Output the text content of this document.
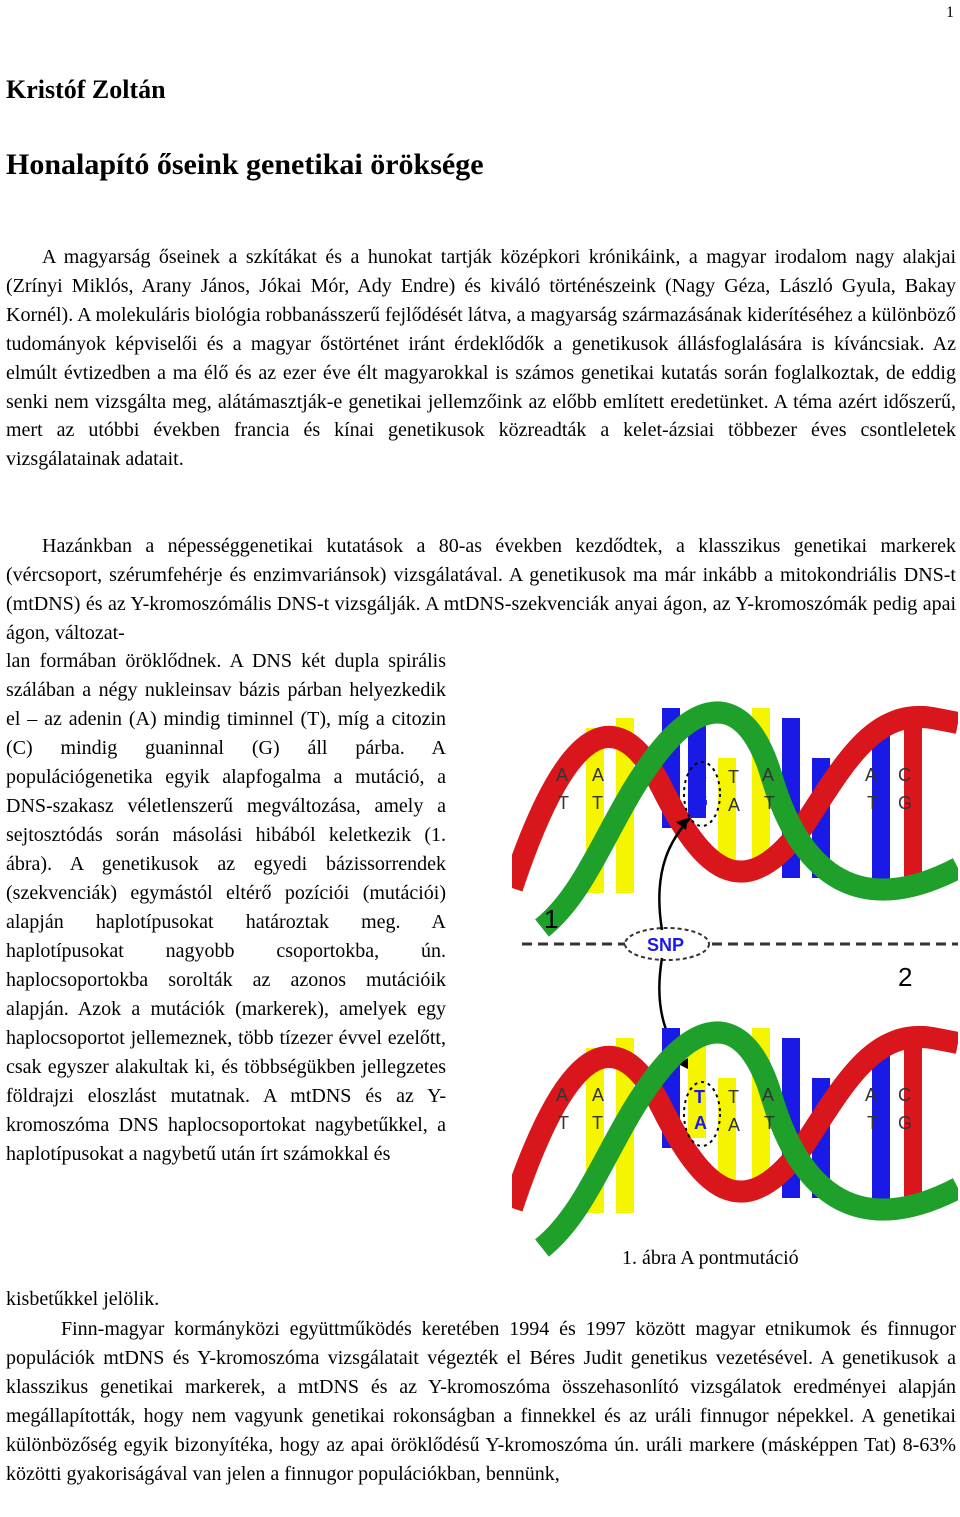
1
Kristóf Zoltán
Honalapító őseink genetikai öröksége

A magyarság őseinek a szkítákat és a hunokat tartják középkori krónikáink, a magyar irodalom nagy alakjai (Zrínyi Miklós, Arany János, Jókai Mór, Ady Endre) és kiváló történészeink (Nagy Géza, László Gyula, Bakay Kornél). A molekuláris biológia robbanásszerű fejlődését látva, a magyarság származásának kiderítéséhez a különböző tudományok képviselői és a magyar őstörténet iránt érdeklődők a genetikusok állásfoglalására is kíváncsiak. Az elmúlt évtizedben a ma élő és az ezer éve élt magyarokkal is számos genetikai kutatás során foglalkoztak, de eddig senki nem vizsgálta meg, alátámasztják-e genetikai jellemzőink az előbb említett eredetünket. A téma azért időszerű, mert az utóbbi években francia és kínai genetikusok közreadták a kelet-ázsiai többezer éves csontleletek vizsgálatainak adatait.

Hazánkban a népességgenetikai kutatások a 80-as években kezdődtek, a klasszikus genetikai markerek (vércsoport, szérumfehérje és enzimvariánsok) vizsgálatával. A genetikusok ma már inkább a mitokondriális DNS-t (mtDNS) és az Y-kromoszómális DNS-t vizsgálják. A mtDNS-szekvenciák anyai ágon, az Y-kromoszómák pedig apai ágon, változat-

lan formában öröklődnek. A DNS két dupla spirális szálában a négy nukleinsav bázis párban helyezkedik el – az adenin (A) mindig timinnel (T), míg a citozin (C) mindig guaninnal (G) áll párba. A populációgenetika egyik alapfogalma a mutáció, a DNS-szakasz véletlenszerű megváltozása, amely a sejtosztódás során másolási hibából keletkezik (1. ábra). A genetikusok az egyedi bázissorrendek (szekvenciák) egymástól eltérő pozíciói (mutációi) alapján haplotípusokat határoztak meg. A haplotípusokat nagyobb csoportokba, ún. haplocsoportokba sorolták az azonos mutációik alapján. Azok a mutációk (markerek), amelyek egy haplocsoportot jellemeznek, több tízezer évvel ezelőtt, csak egyszer alakultak ki, és többségükben jellegzetes földrajzi eloszlást mutatnak. A mtDNS és az Y-kromoszóma DNS haplocsoportokat nagybetűkkel, a haplotípusokat a nagybetű után írt számokkal és

kisbetűkkel jelölik.

Finn-magyar kormányközi együttműködés keretében 1994 és 1997 között magyar etnikumok és finnugor populációk mtDNS és Y-kromoszóma vizsgálatait végezték el Béres Judit genetikus vezetésével. A genetikusok a klasszikus genetikai markerek, a mtDNS és az Y-kromoszóma összehasonlító vizsgálatok eredményei alapján megállapították, hogy nem vagyunk genetikai rokonságban a finnekkel és az uráli finnugor népekkel. A genetikai különbözőség egyik bizonyítéka, hogy az apai öröklődésű Y-kromoszóma ún. uráli markere (másképpen Tat) 8-63% közötti gyakoriságával van jelen a finnugor populációkban, bennünk,

A A	C T A	A C
T T	G A T	T G
1
SNP
2
A A	T T A	A C
T T	A A T	T G
1. ábra A pontmutáció
